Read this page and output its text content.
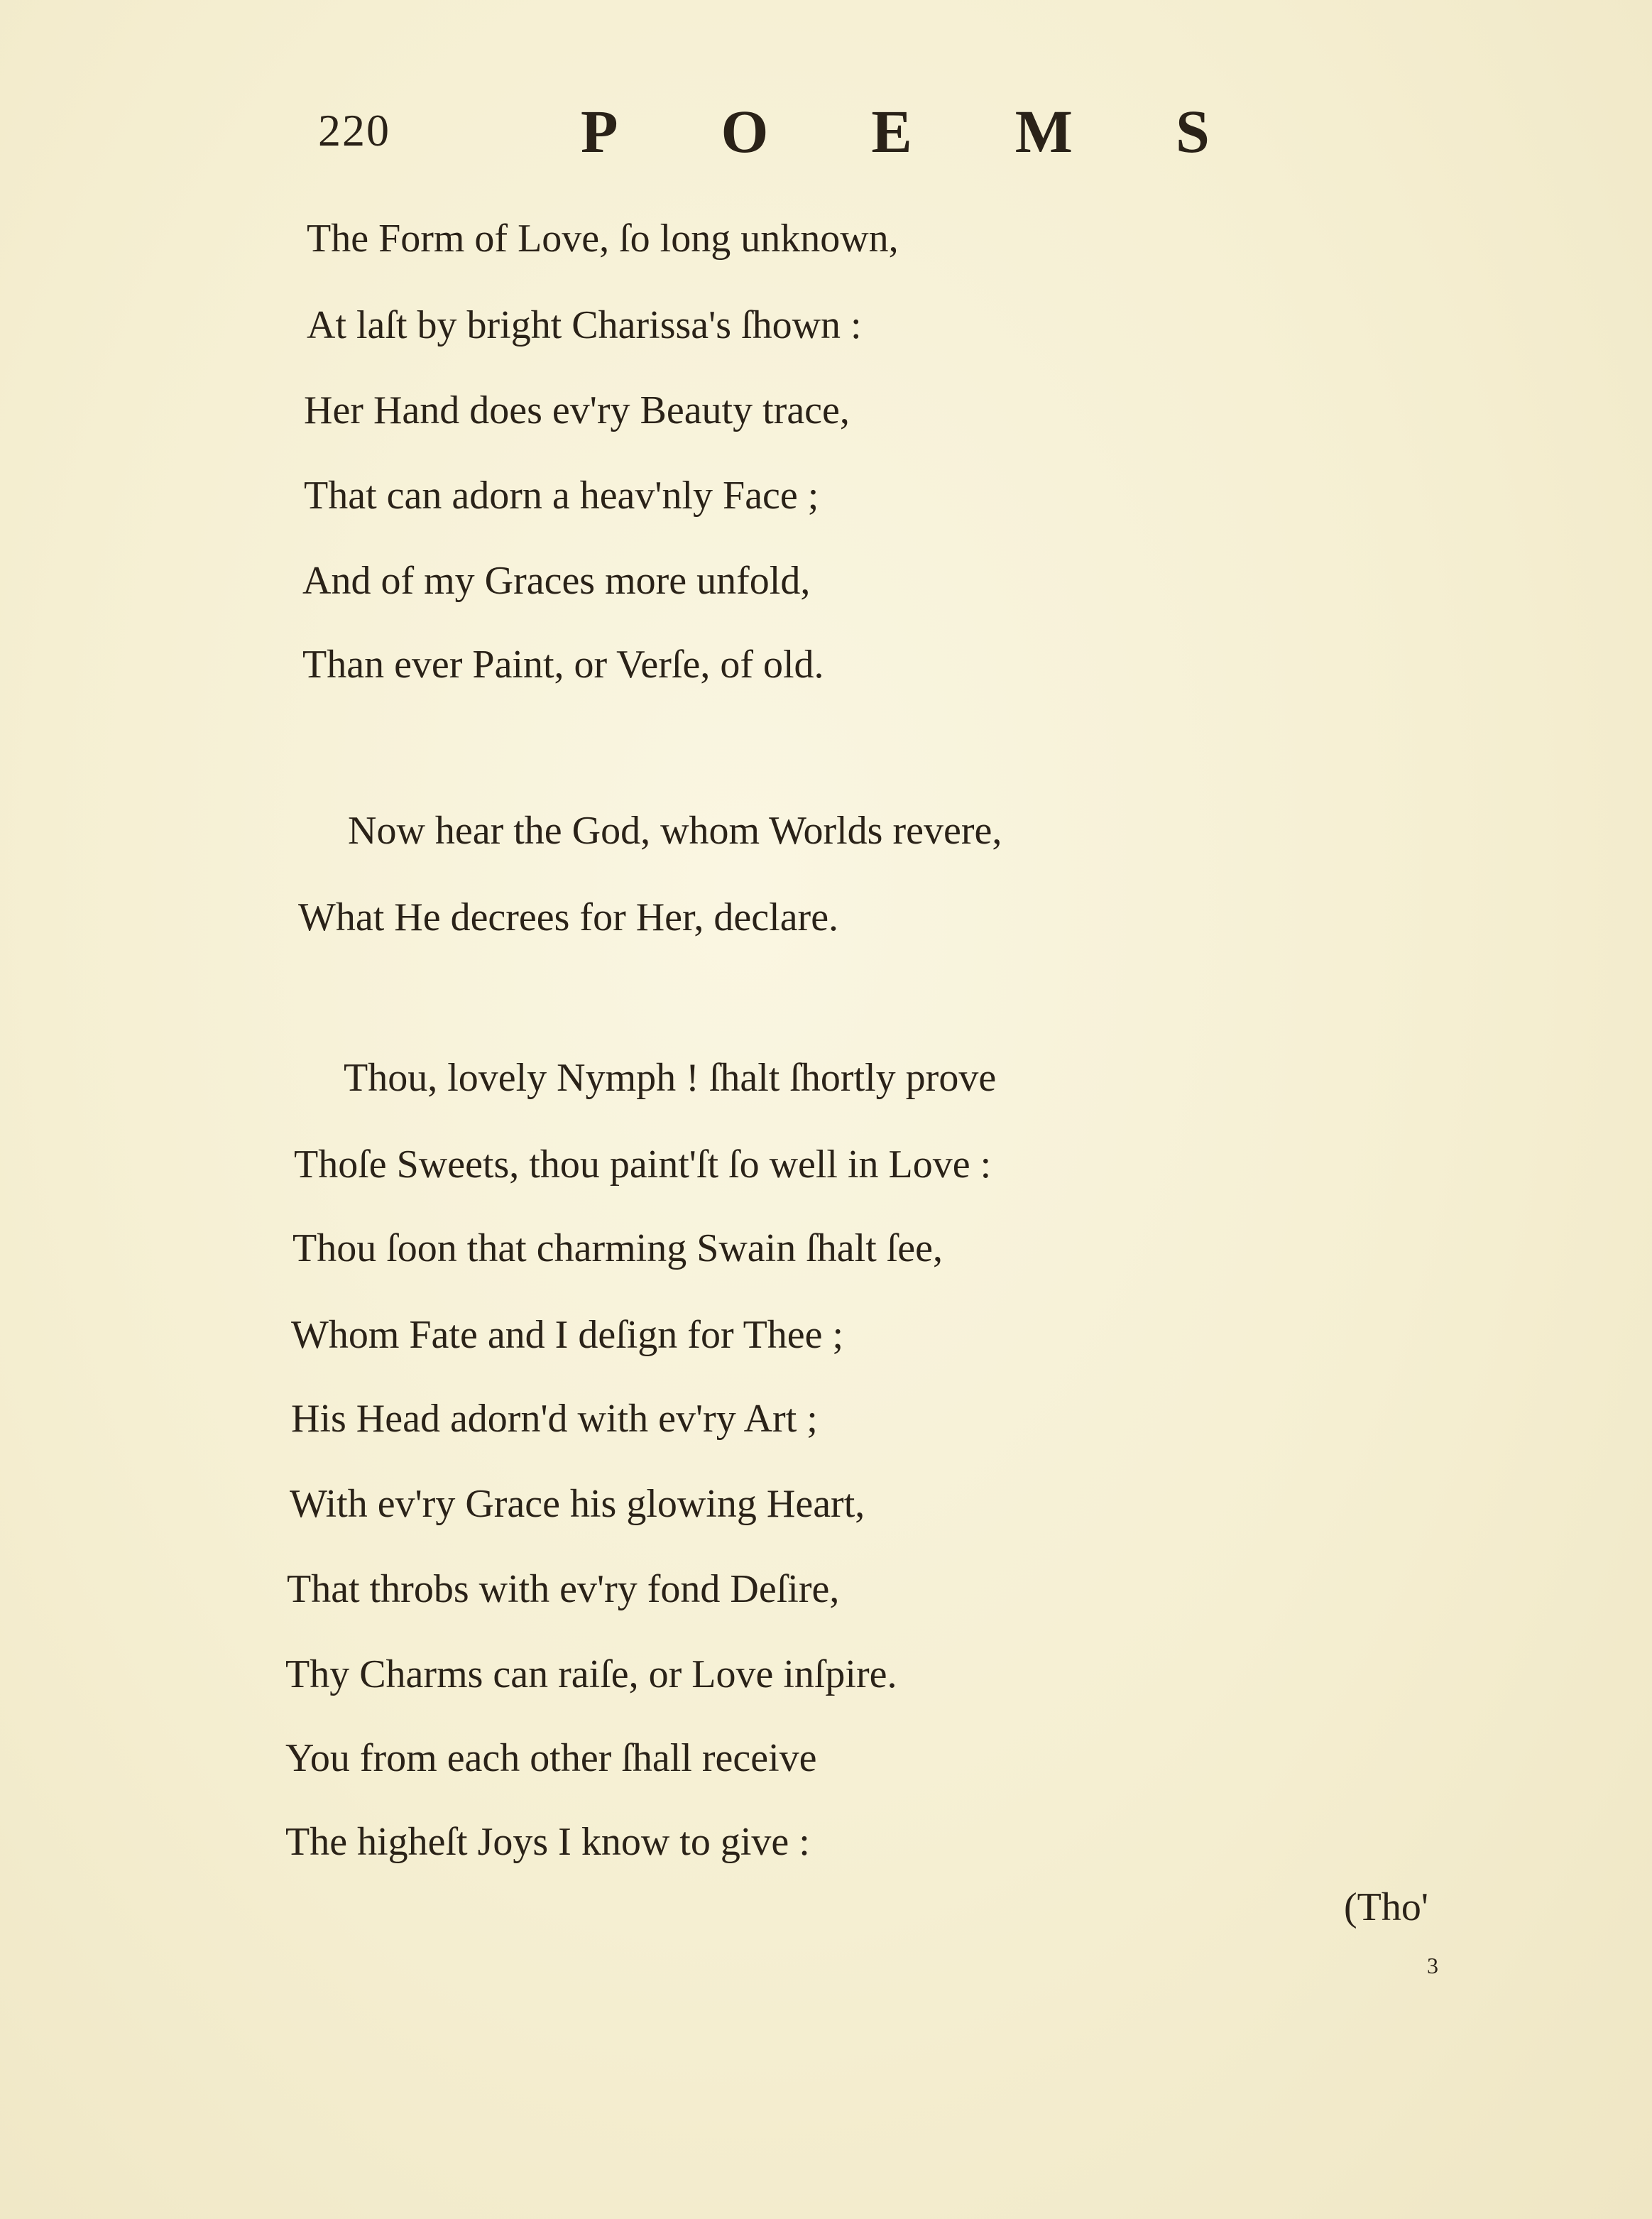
220	POEMS
The Form of Love, ſo long unknown,
At laſt by bright Charissa's ſhown :
Her Hand does ev'ry Beauty trace,
That can adorn a heav'nly Face ;
And of my Graces more unfold,
Than ever Paint, or Verſe, of old.
Now hear the God, whom Worlds revere,
What He decrees for Her, declare.
Thou, lovely Nymph ! ſhalt ſhortly prove
Thoſe Sweets, thou paint'ſt ſo well in Love :
Thou ſoon that charming Swain ſhalt ſee,
Whom Fate and I deſign for Thee ;
His Head adorn'd with ev'ry Art ;
With ev'ry Grace his glowing Heart,
That throbs with ev'ry fond Deſire,
Thy Charms can raiſe, or Love inſpire.
You from each other ſhall receive
The higheſt Joys I know to give :
(Tho'
3
